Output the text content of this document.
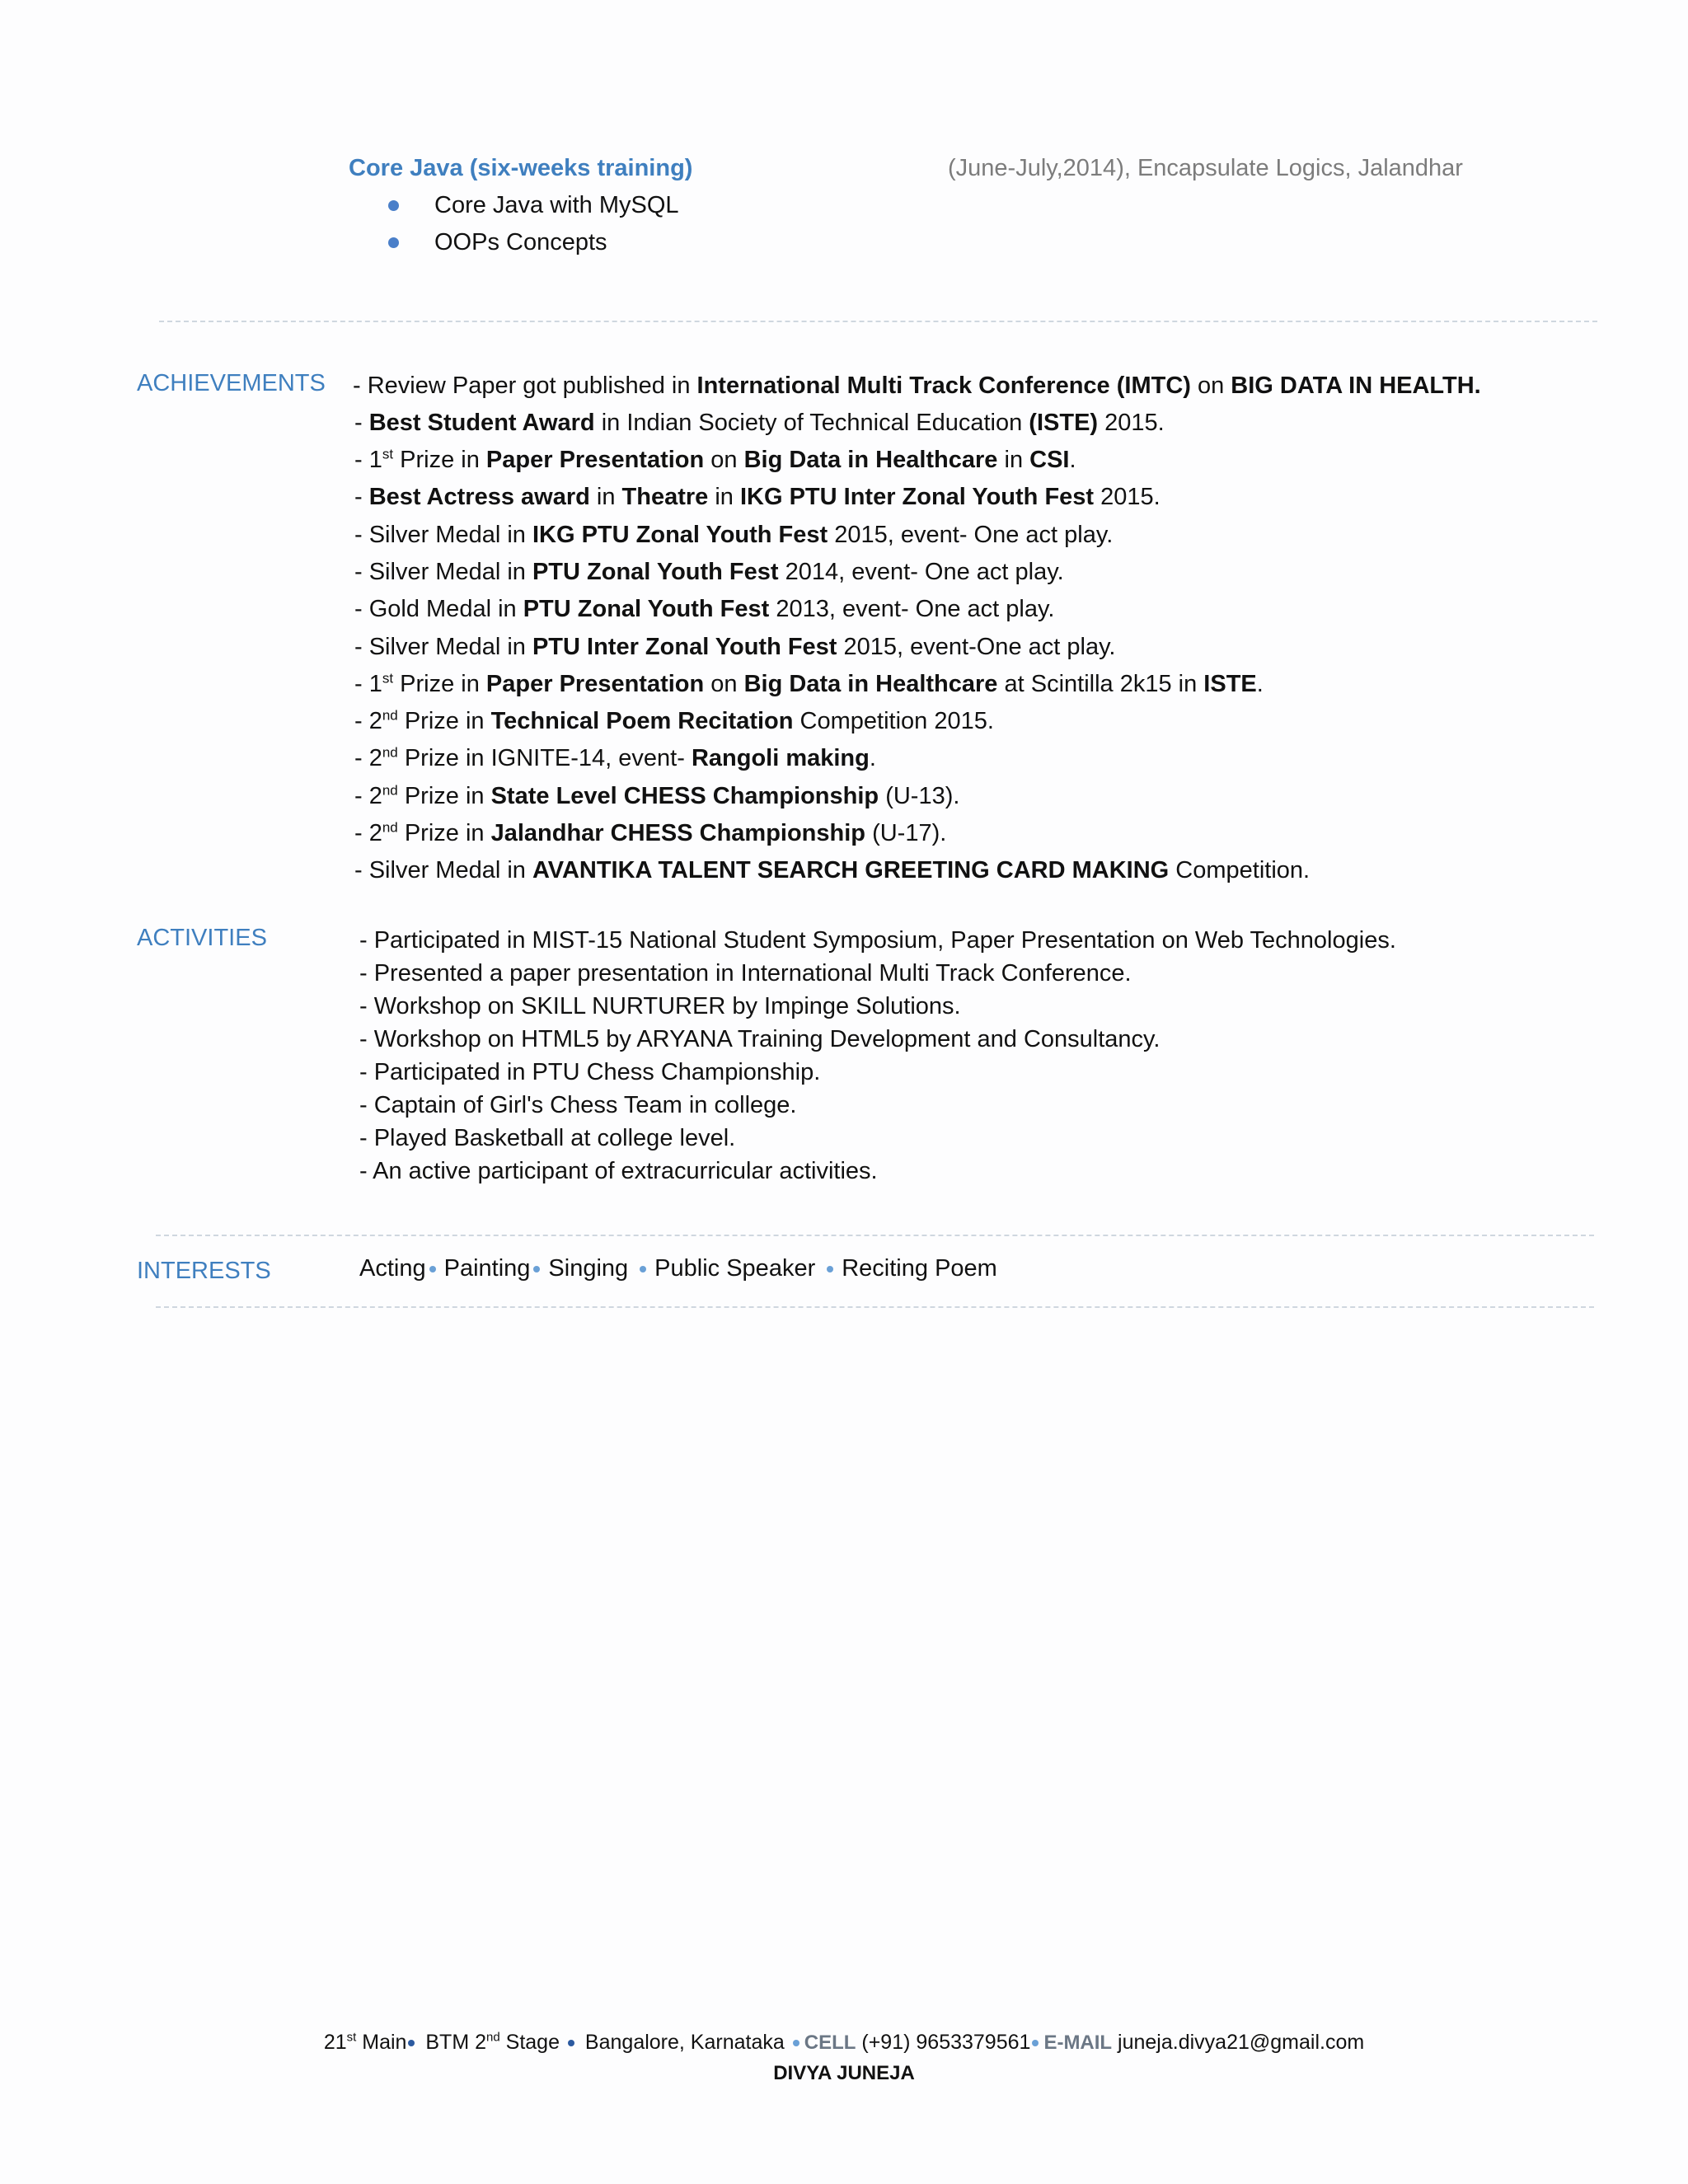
Core Java (six-weeks training)	(June-July,2014), Encapsulate Logics, Jalandhar
Core Java with MySQL
OOPs Concepts
ACHIEVEMENTS - Review Paper got published in International Multi Track Conference (IMTC) on BIG DATA IN HEALTH.
- Best Student Award in Indian Society of Technical Education (ISTE) 2015.
- 1st Prize in Paper Presentation on Big Data in Healthcare in CSI.
- Best Actress award in Theatre in IKG PTU Inter Zonal Youth Fest 2015.
- Silver Medal in IKG PTU Zonal Youth Fest 2015, event- One act play.
- Silver Medal in PTU Zonal Youth Fest 2014, event- One act play.
- Gold Medal in PTU Zonal Youth Fest 2013, event- One act play.
- Silver Medal in PTU Inter Zonal Youth Fest 2015, event-One act play.
- 1st Prize in Paper Presentation on Big Data in Healthcare at Scintilla 2k15 in ISTE.
- 2nd Prize in Technical Poem Recitation Competition 2015.
- 2nd Prize in IGNITE-14, event- Rangoli making.
- 2nd Prize in State Level CHESS Championship (U-13).
- 2nd Prize in Jalandhar CHESS Championship (U-17).
- Silver Medal in AVANTIKA TALENT SEARCH GREETING CARD MAKING Competition.
ACTIVITIES	- Participated in MIST-15 National Student Symposium, Paper Presentation on Web Technologies.
- Presented a paper presentation in International Multi Track Conference.
- Workshop on SKILL NURTURER by Impinge Solutions.
- Workshop on HTML5 by ARYANA Training Development and Consultancy.
- Participated in PTU Chess Championship.
- Captain of Girl's Chess Team in college.
- Played Basketball at college level.
- An active participant of extracurricular activities.
INTERESTS	Acting Painting Singing Public Speaker Reciting Poem
21st Main BTM 2nd Stage Bangalore, Karnataka CELL (+91) 9653379561 E-MAIL juneja.divya21@gmail.com
DIVYA JUNEJA
